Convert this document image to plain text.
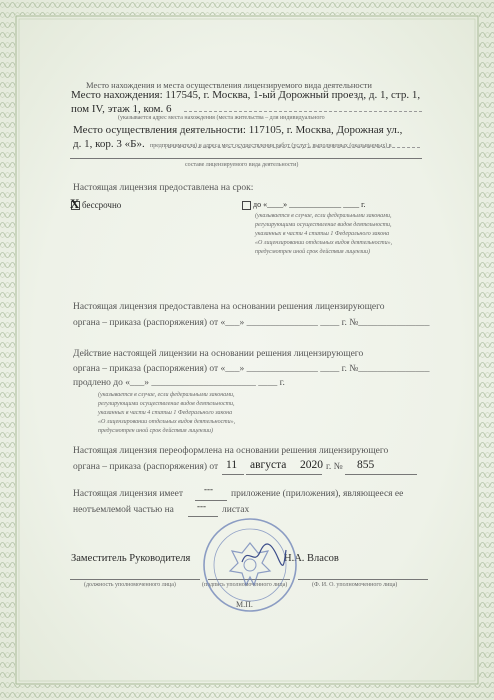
Место нахождения и места осуществления лицензируемого вида деятельности
Место нахождения: 117545, г. Москва, 1-ый Дорожный проезд, д. 1, стр. 1,
пом IV, этаж 1, ком. 6
(указывается адрес места нахождения (места жительства – для индивидуального
Место осуществления деятельности: 117105, г. Москва, Дорожная ул.,
д. 1, кор. 3 «Б». предпринимателя) и адреса мест осуществления работ (услуг), выполняемых (оказываемых) в
составе лицензируемого вида деятельности)
Настоящая лицензия предоставлена на срок:
X бессрочно	до «____» _____________ ____ г.
(указывается в случае, если федеральными законами,
регулирующими осуществление видов деятельности,
указанных в части 4 статьи 1 Федерального закона
«О лицензировании отдельных видов деятельности»,
предусмотрен иной срок действия лицензии)
Настоящая лицензия предоставлена на основании решения лицензирующего
органа – приказа (распоряжения) от «___» _______________ ____ г. №_______________
Действие настоящей лицензии на основании решения лицензирующего
органа – приказа (распоряжения) от «___» _______________ ____ г. №_______________
продлено до «___» ______________________ ____ г.
(указывается в случае, если федеральными законами,
регулирующими осуществление видов деятельности,
указанных в части 4 статьи 1 Федерального закона
«О лицензировании отдельных видов деятельности»,
предусмотрен иной срок действия лицензии)
Настоящая лицензия переоформлена на основании решения лицензирующего
органа – приказа (распоряжения) от 11 августа 2020 г. № 855
Настоящая лицензия имеет --- приложение (приложения), являющееся ее
неотъемлемой частью на	--- листах
Заместитель Руководителя	Н.А. Власов
(должность уполномоченного лица)	(подпись уполномоченного лица)	(Ф. И. О. уполномоченного лица)
М.П.
